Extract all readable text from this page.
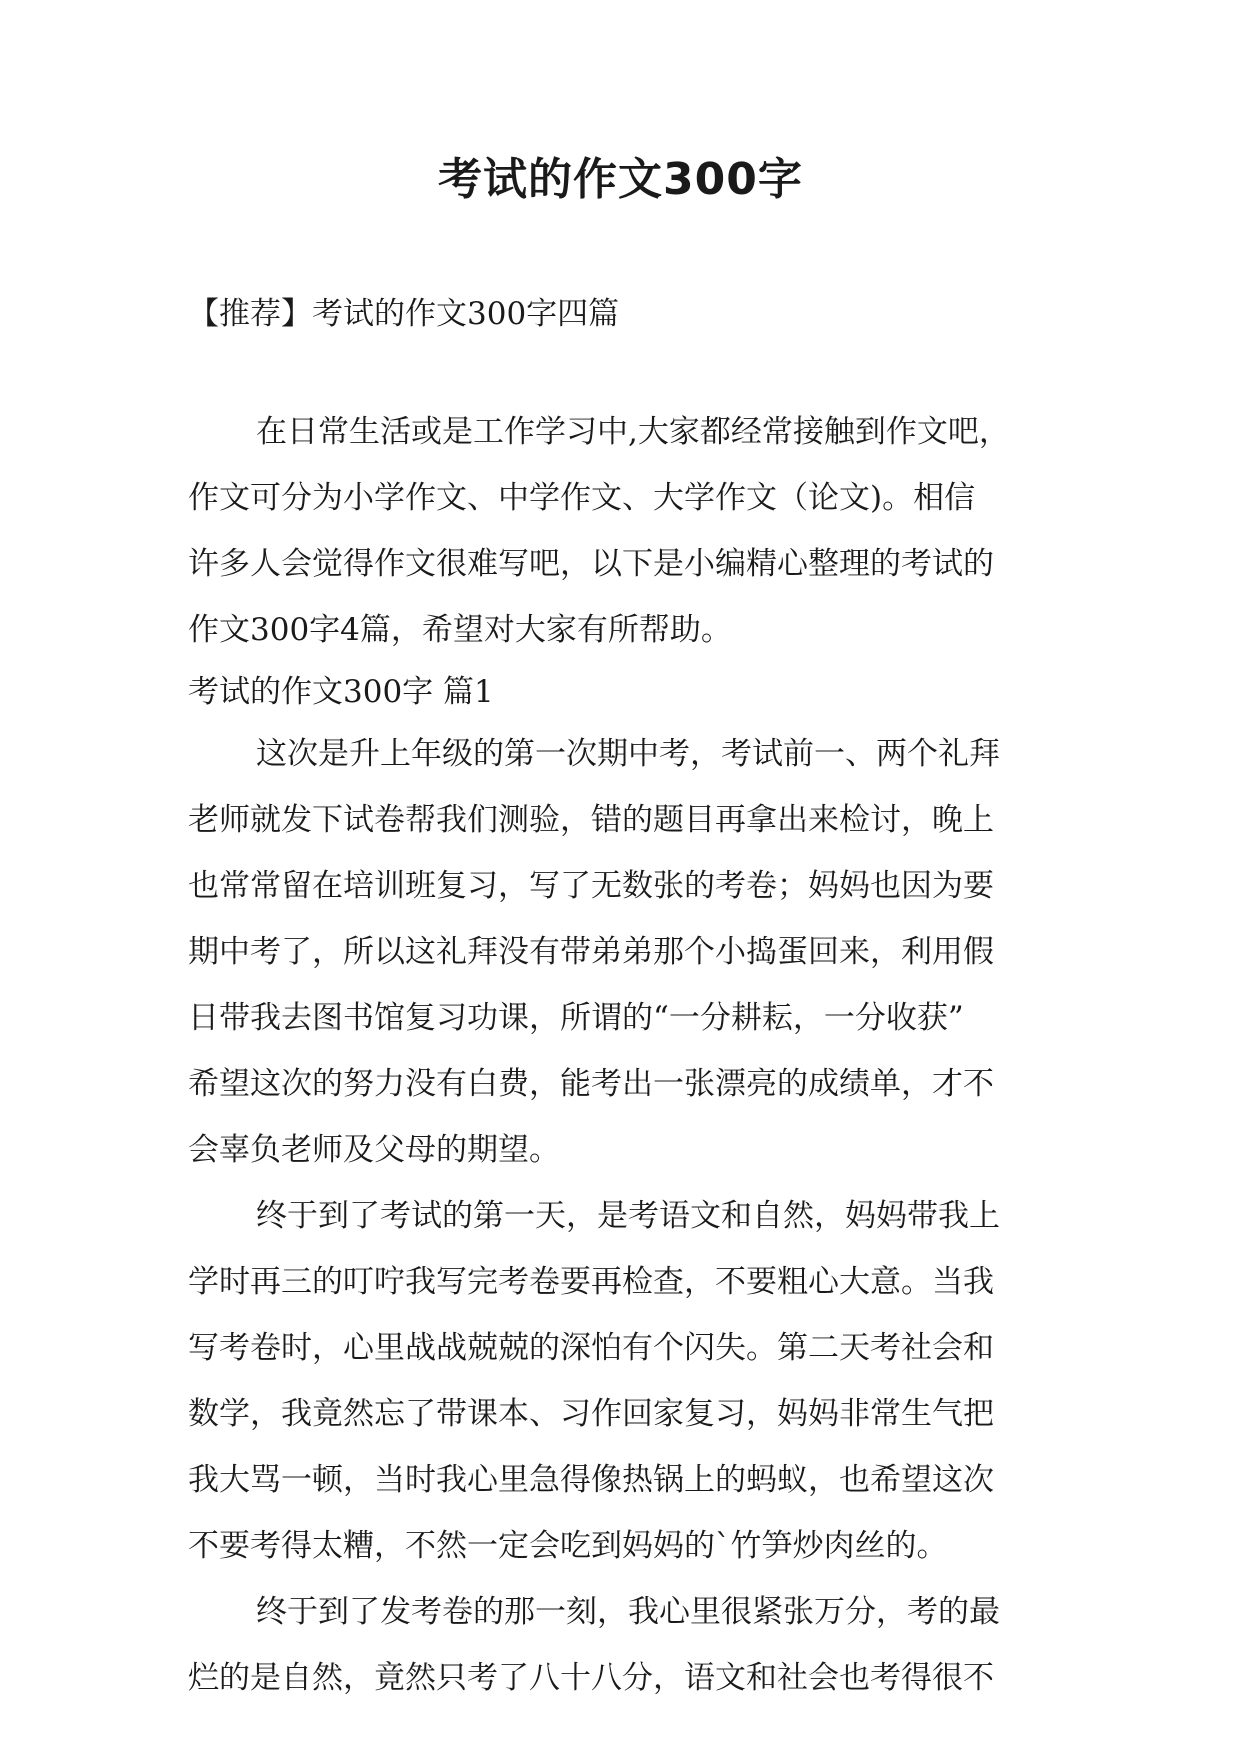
考试的作文300字
【推荐】考试的作文300字四篇
在日常生活或是工作学习中,大家都经常接触到作文吧，
作文可分为小学作文、中学作文、大学作文（论文)。相信
许多人会觉得作文很难写吧，以下是小编精心整理的考试的
作文300字4篇，希望对大家有所帮助。
考试的作文300字 篇1
这次是升上年级的第一次期中考，考试前一、两个礼拜
老师就发下试卷帮我们测验，错的题目再拿出来检讨，晚上
也常常留在培训班复习，写了无数张的考卷；妈妈也因为要
期中考了，所以这礼拜没有带弟弟那个小捣蛋回来，利用假
日带我去图书馆复习功课，所谓的“一分耕耘，一分收获”
希望这次的努力没有白费，能考出一张漂亮的成绩单，才不
会辜负老师及父母的期望。
终于到了考试的第一天，是考语文和自然，妈妈带我上
学时再三的叮咛我写完考卷要再检查，不要粗心大意。当我
写考卷时，心里战战兢兢的深怕有个闪失。第二天考社会和
数学，我竟然忘了带课本、习作回家复习，妈妈非常生气把
我大骂一顿，当时我心里急得像热锅上的蚂蚁，也希望这次
不要考得太糟，不然一定会吃到妈妈的`竹笋炒肉丝的。
终于到了发考卷的那一刻，我心里很紧张万分，考的最
烂的是自然，竟然只考了八十八分，语文和社会也考得很不
